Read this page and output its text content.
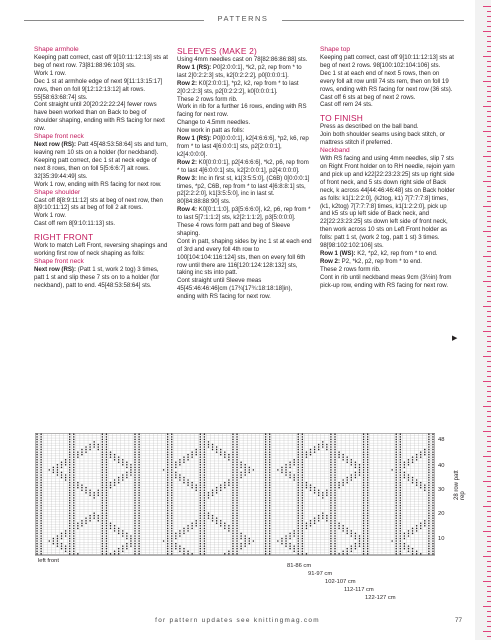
PATTERNS
Shape armhole
Keeping patt correct, cast off 9[10:11:12:13] sts at beg of next row. 73[81:88:96:103] sts.
Work 1 row.
Dec 1 st at armhole edge of next 9[11:13:15:17] rows, then on foll 9[12:12:13:12] alt rows. 55[58:63:68:74] sts.
Cont straight until 20[20:22:22:24] fewer rows have been worked than on Back to beg of shoulder shaping, ending with RS facing for next row.
Shape front neck
Next row (RS): Patt 45[48:53:58:64] sts and turn, leaving rem 10 sts on a holder (for neckband).
Keeping patt correct, dec 1 st at neck edge of next 8 rows, then on foll 5[5:6:6:7] alt rows. 32[35:39:44:49] sts.
Work 1 row, ending with RS facing for next row.
Shape shoulder
Cast off 8[8:9:11:12] sts at beg of next row, then 8[9:10:11:12] sts at beg of foll 2 alt rows.
Work 1 row.
Cast off rem 8[9:10:11:13] sts.
RIGHT FRONT
Work to match Left Front, reversing shapings and working first row of neck shaping as folls:
Shape front neck
Next row (RS): (Patt 1 st, work 2 tog) 3 times, patt 1 st and slip these 7 sts on to a holder (for neckband), patt to end. 45[48:53:58:64] sts.
SLEEVES (MAKE 2)
Using 4mm needles cast on 78[82:86:86:88] sts.
Row 1 (RS): P0[2:0:0:1], *k2, p2, rep from * to last 2[0:2:2:3] sts, k2[0:2:2:2], p0[0:0:0:1].
Row 2: K0[2:0:0:1], *p2, k2, rep from * to last 2[0:2:2:3] sts, p2[0:2:2:2], k0[0:0:0:1].
These 2 rows form rib.
Work in rib for a further 16 rows, ending with RS facing for next row.
Change to 4.5mm needles.
Now work in patt as folls:
Row 1 (RS): P0[0:0:0:1], k2[4:6:6:6], *p2, k6, rep from * to last 4[6:0:0:1] sts, p2[2:0:0:1], k2[4:0:0:0].
Row 2: K0[0:0:0:1], p2[4:6:6:6], *k2, p6, rep from * to last 4[6:0:0:1] sts, k2[2:0:0:1], p2[4:0:0:0].
Row 3: Inc in first st, k1[3:5:5:0], (C6B) 0[0:0:0:1] times, *p2, C6B, rep from * to last 4[6:8:8:1] sts, p2[2:2:2:0], k1[3:5:5:0], inc in last st. 80[84:88:88:90] sts.
Row 4: K0[0:1:1:0], p3[5:6:6:0], k2, p6, rep from * to last 5[7:1:1:2] sts, k2[2:1:1:2], p3[5:0:0:0].
These 4 rows form patt and beg of Sleeve shaping.
Cont in patt, shaping sides by inc 1 st at each end of 3rd and every foll 4th row to 100[104:104:116:124] sts, then on every foll 6th row until there are 116[120:124:128:132] sts, taking inc sts into patt.
Cont straight until Sleeve meas 45[45:46:46:46]cm (17¾[17¾:18:18:18]in), ending with RS facing for next row.
Shape top
Keeping patt correct, cast off 9[10:11:12:13] sts at beg of next 2 rows. 98[100:102:104:106] sts.
Dec 1 st at each end of next 5 rows, then on every foll alt row until 74 sts rem, then on foll 19 rows, ending with RS facing for next row (36 sts).
Cast off 6 sts at beg of next 2 rows.
Cast off rem 24 sts.
TO FINISH
Press as described on the ball band.
Join both shoulder seams using back stitch, or mattress stitch if preferred.
Neckband
With RS facing and using 4mm needles, slip 7 sts on Right Front holder on to RH needle, rejoin yarn and pick up and k22[22:23:23:25] sts up right side of front neck, and 5 sts down right side of Back neck, k across 44[44:46:46:48] sts on Back holder as folls: k1[1:2:2:0], (k2tog, k1) 7[7:7:7:8] times, (k1, k2tog) 7[7:7:7:8] times, k1[1:2:2:0], pick up and k5 sts up left side of Back neck, and 22[22:23:23:25] sts down left side of front neck, then work across 10 sts on Left Front holder as folls: patt 1 st, (work 2 tog, patt 1 st) 3 times. 98[98:102:102:106] sts.
Row 1 (WS): K2, *p2, k2, rep from * to end.
Row 2: P2, *k2, p2, rep from * to end.
These 2 rows form rib.
Cont in rib until neckband meas 9cm (3½in) from pick-up row, ending with RS facing for next row.
▶
48
40
30
20
10
28 row patt rep
left front
81-86 cm
91-97 cm
102-107 cm
112-117 cm
122-127 cm
for pattern updates see knittingmag.com	77
